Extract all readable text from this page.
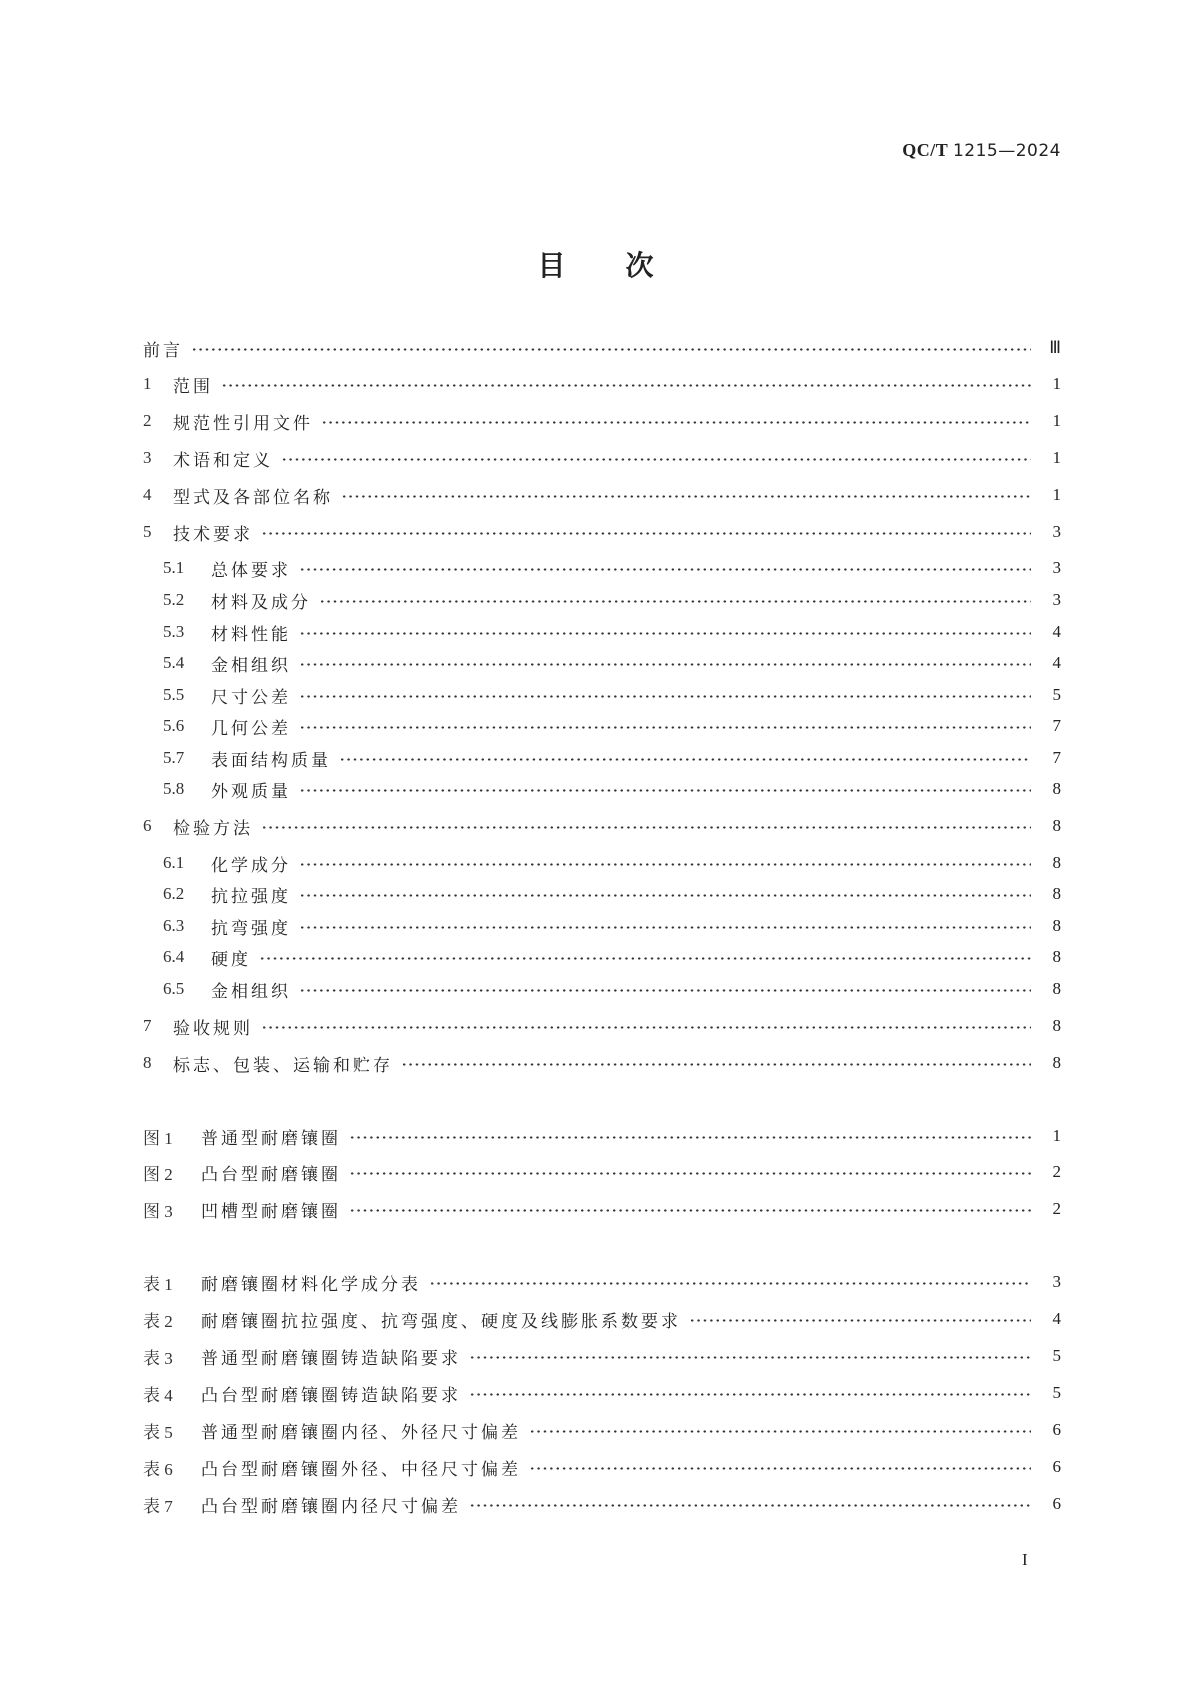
QC/T 1215—2024
目次
前言	Ⅲ
1	范围	1
2	规范性引用文件	1
3	术语和定义	1
4	型式及各部位名称	1
5	技术要求	3
5.1	总体要求	3
5.2	材料及成分	3
5.3	材料性能	4
5.4	金相组织	4
5.5	尺寸公差	5
5.6	几何公差	7
5.7	表面结构质量	7
5.8	外观质量	8
6	检验方法	8
6.1	化学成分	8
6.2	抗拉强度	8
6.3	抗弯强度	8
6.4	硬度	8
6.5	金相组织	8
7	验收规则	8
8	标志、包装、运输和贮存	8
图 1	普通型耐磨镶圈	1
图 2	凸台型耐磨镶圈	2
图 3	凹槽型耐磨镶圈	2
表 1	耐磨镶圈材料化学成分表	3
表 2	耐磨镶圈抗拉强度、抗弯强度、硬度及线膨胀系数要求	4
表 3	普通型耐磨镶圈铸造缺陷要求	5
表 4	凸台型耐磨镶圈铸造缺陷要求	5
表 5	普通型耐磨镶圈内径、外径尺寸偏差	6
表 6	凸台型耐磨镶圈外径、中径尺寸偏差	6
表 7	凸台型耐磨镶圈内径尺寸偏差	6
I
